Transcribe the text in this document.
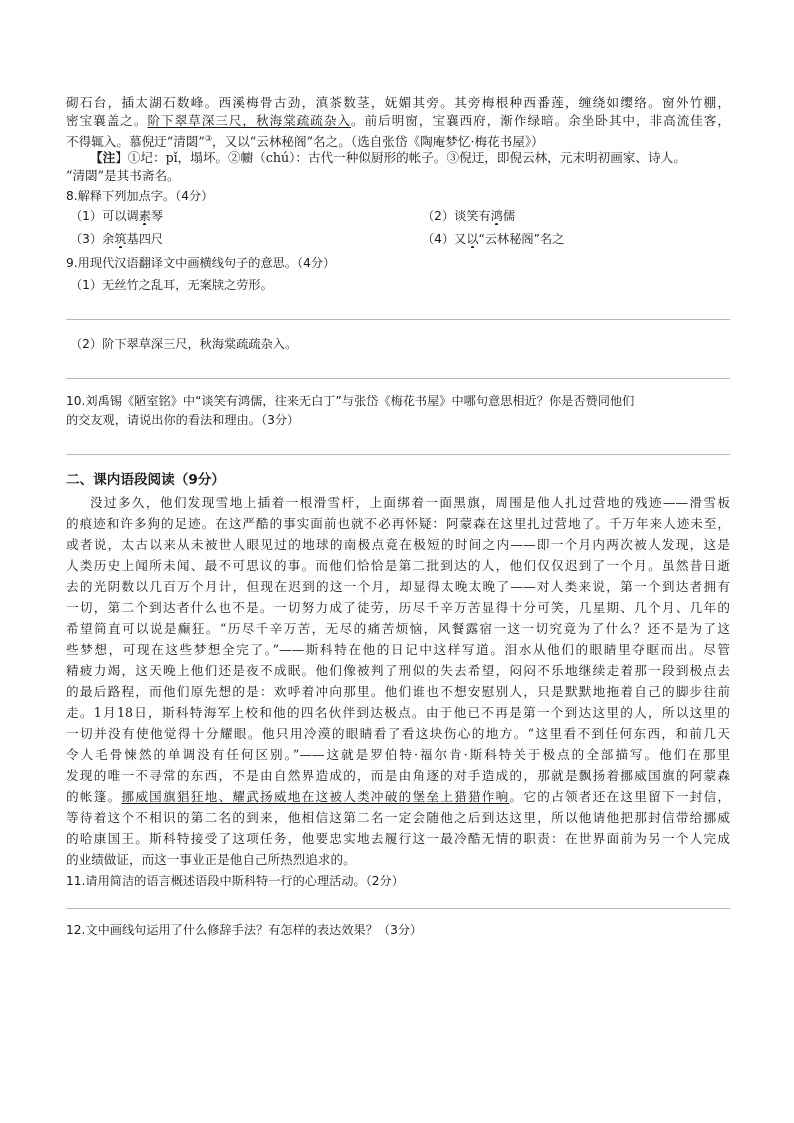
砌石台，插太湖石数峰。西溪梅骨古劲，滇茶数茎，妩媚其旁。其旁梅根种西番莲，缠绕如缨络。窗外竹棚，
密宝襄盖之。阶下翠草深三尺，秋海棠疏疏杂入。前后明窗，宝襄西府，渐作绿暗。余坐卧其中，非高流佳客，
不得辄入。慕倪迂“清閟”③，又以“云林秘阁”名之。（选自张岱《陶庵梦忆·梅花书屋》）
【注】①圮：pǐ，塌坏。②幮（chú）：古代一种似厨形的帐子。③倪迂，即倪云林，元末明初画家、诗人。
“清閟”是其书斋名。
8.解释下列加点字。（4分）
（1）可以调素琴	（2）谈笑有鸿儒
（3）余筑基四尺	（4）又以“云林秘阁”名之
9.用现代汉语翻译文中画横线句子的意思。（4分）
（1）无丝竹之乱耳，无案牍之劳形。
（2）阶下翠草深三尺，秋海棠疏疏杂入。
10.刘禹锡《陋室铭》中“谈笑有鸿儒，往来无白丁”与张岱《梅花书屋》中哪句意思相近？你是否赞同他们
的交友观，请说出你的看法和理由。（3分）
二、课内语段阅读（9分）
没过多久，他们发现雪地上插着一根滑雪杆，上面绑着一面黑旗，周围是他人扎过营地的残迹——滑雪板
的痕迹和许多狗的足迹。在这严酷的事实面前也就不必再怀疑：阿蒙森在这里扎过营地了。千万年来人迹未至，
或者说，太古以来从未被世人眼见过的地球的南极点竟在极短的时间之内——即一个月内两次被人发现，这是
人类历史上闻所未闻、最不可思议的事。而他们恰恰是第二批到达的人，他们仅仅迟到了一个月。虽然昔日逝
去的光阴数以几百万个月计，但现在迟到的这一个月，却显得太晚太晚了——对人类来说，第一个到达者拥有
一切，第二个到达者什么也不是。一切努力成了徒劳，历尽千辛万苦显得十分可笑，几星期、几个月、几年的
希望简直可以说是癫狂。“历尽千辛万苦，无尽的痛苦烦恼，风餐露宿一这一切究竟为了什么？还不是为了这
些梦想，可现在这些梦想全完了。”——斯科特在他的日记中这样写道。泪水从他们的眼睛里夺眶而出。尽管
精疲力竭，这天晚上他们还是夜不成眠。他们像被判了刑似的失去希望，闷闷不乐地继续走着那一段到极点去
的最后路程，而他们原先想的是：欢呼着冲向那里。他们谁也不想安慰别人，只是默默地拖着自己的脚步往前
走。1月18日，斯科特海军上校和他的四名伙伴到达极点。由于他已不再是第一个到达这里的人，所以这里的
一切并没有使他觉得十分耀眼。他只用冷漠的眼睛看了看这块伤心的地方。“这里看不到任何东西，和前几天
令人毛骨悚然的单调没有任何区别。”——这就是罗伯特·福尔肯·斯科特关于极点的全部描写。他们在那里
发现的唯一不寻常的东西，不是由自然界造成的，而是由角逐的对手造成的，那就是飘扬着挪威国旗的阿蒙森
的帐篷。挪威国旗猖狂地、耀武扬威地在这被人类冲破的堡垒上猎猎作响。它的占领者还在这里留下一封信，
等待着这个不相识的第二名的到来，他相信这第二名一定会随他之后到达这里，所以他请他把那封信带给挪威
的哈康国王。斯科特接受了这项任务，他要忠实地去履行这一最冷酷无情的职责：在世界面前为另一个人完成
的业绩做证，而这一事业正是他自己所热烈追求的。
11.请用简洁的语言概述语段中斯科特一行的心理活动。（2分）
12.文中画线句运用了什么修辞手法？有怎样的表达效果？（3分）
